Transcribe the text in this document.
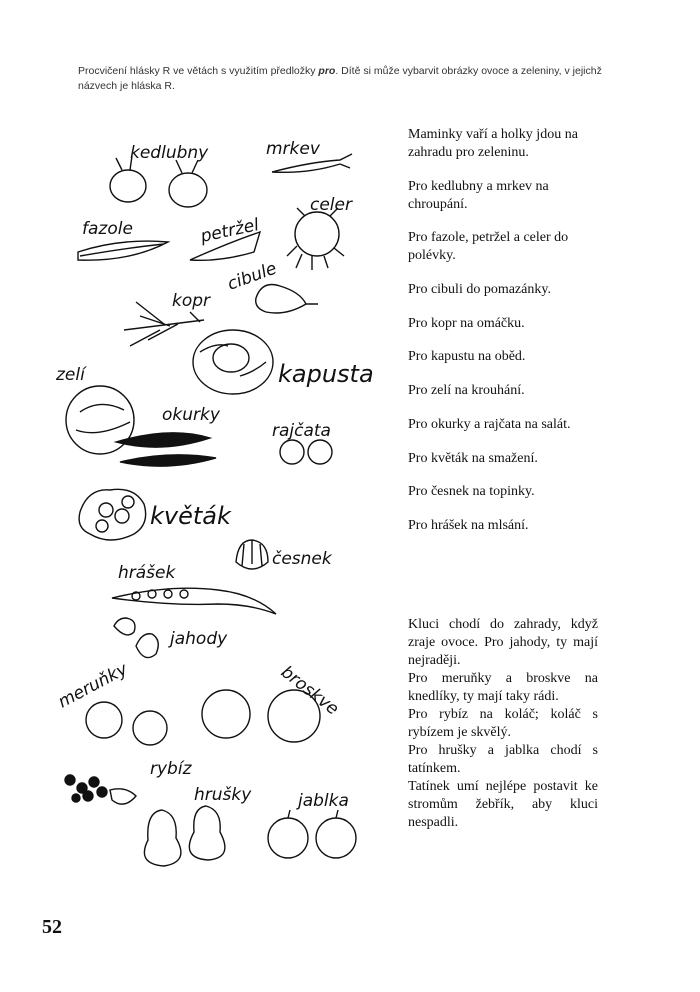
Procvičení hlásky R ve větách s využitím předložky pro. Dítě si může vybarvit obrázky ovoce a zeleniny, v jejichž názvech je hláska R.
kedlubny	mrkev
fazole	petržel
celer
cibule
kopr
kapusta
zelí
okurky
rajčata
květák
česnek
hrášek
jahody
meruňky	broskve
rybíz
hrušky	jablka

Maminky vaří a holky jdou na zahradu pro zeleninu.

Pro kedlubny a mrkev na chroupání.

Pro fazole, petržel a celer do polévky.

Pro cibuli do pomazánky.

Pro kopr na omáčku.

Pro kapustu na oběd.

Pro zelí na krouhání.

Pro okurky a rajčata na salát.

Pro květák na smažení.

Pro česnek na topinky.

Pro hrášek na mlsání.

Kluci chodí do zahrady, když zraje ovoce. Pro jahody, ty mají nejraději.

Pro meruňky a broskve na knedlíky, ty mají taky rádi.

Pro rybíz na koláč; koláč s rybízem je skvělý.

Pro hrušky a jablka chodí s tatínkem.

Tatínek umí nejlépe postavit ke stromům žebřík, aby kluci nespadli.

52
